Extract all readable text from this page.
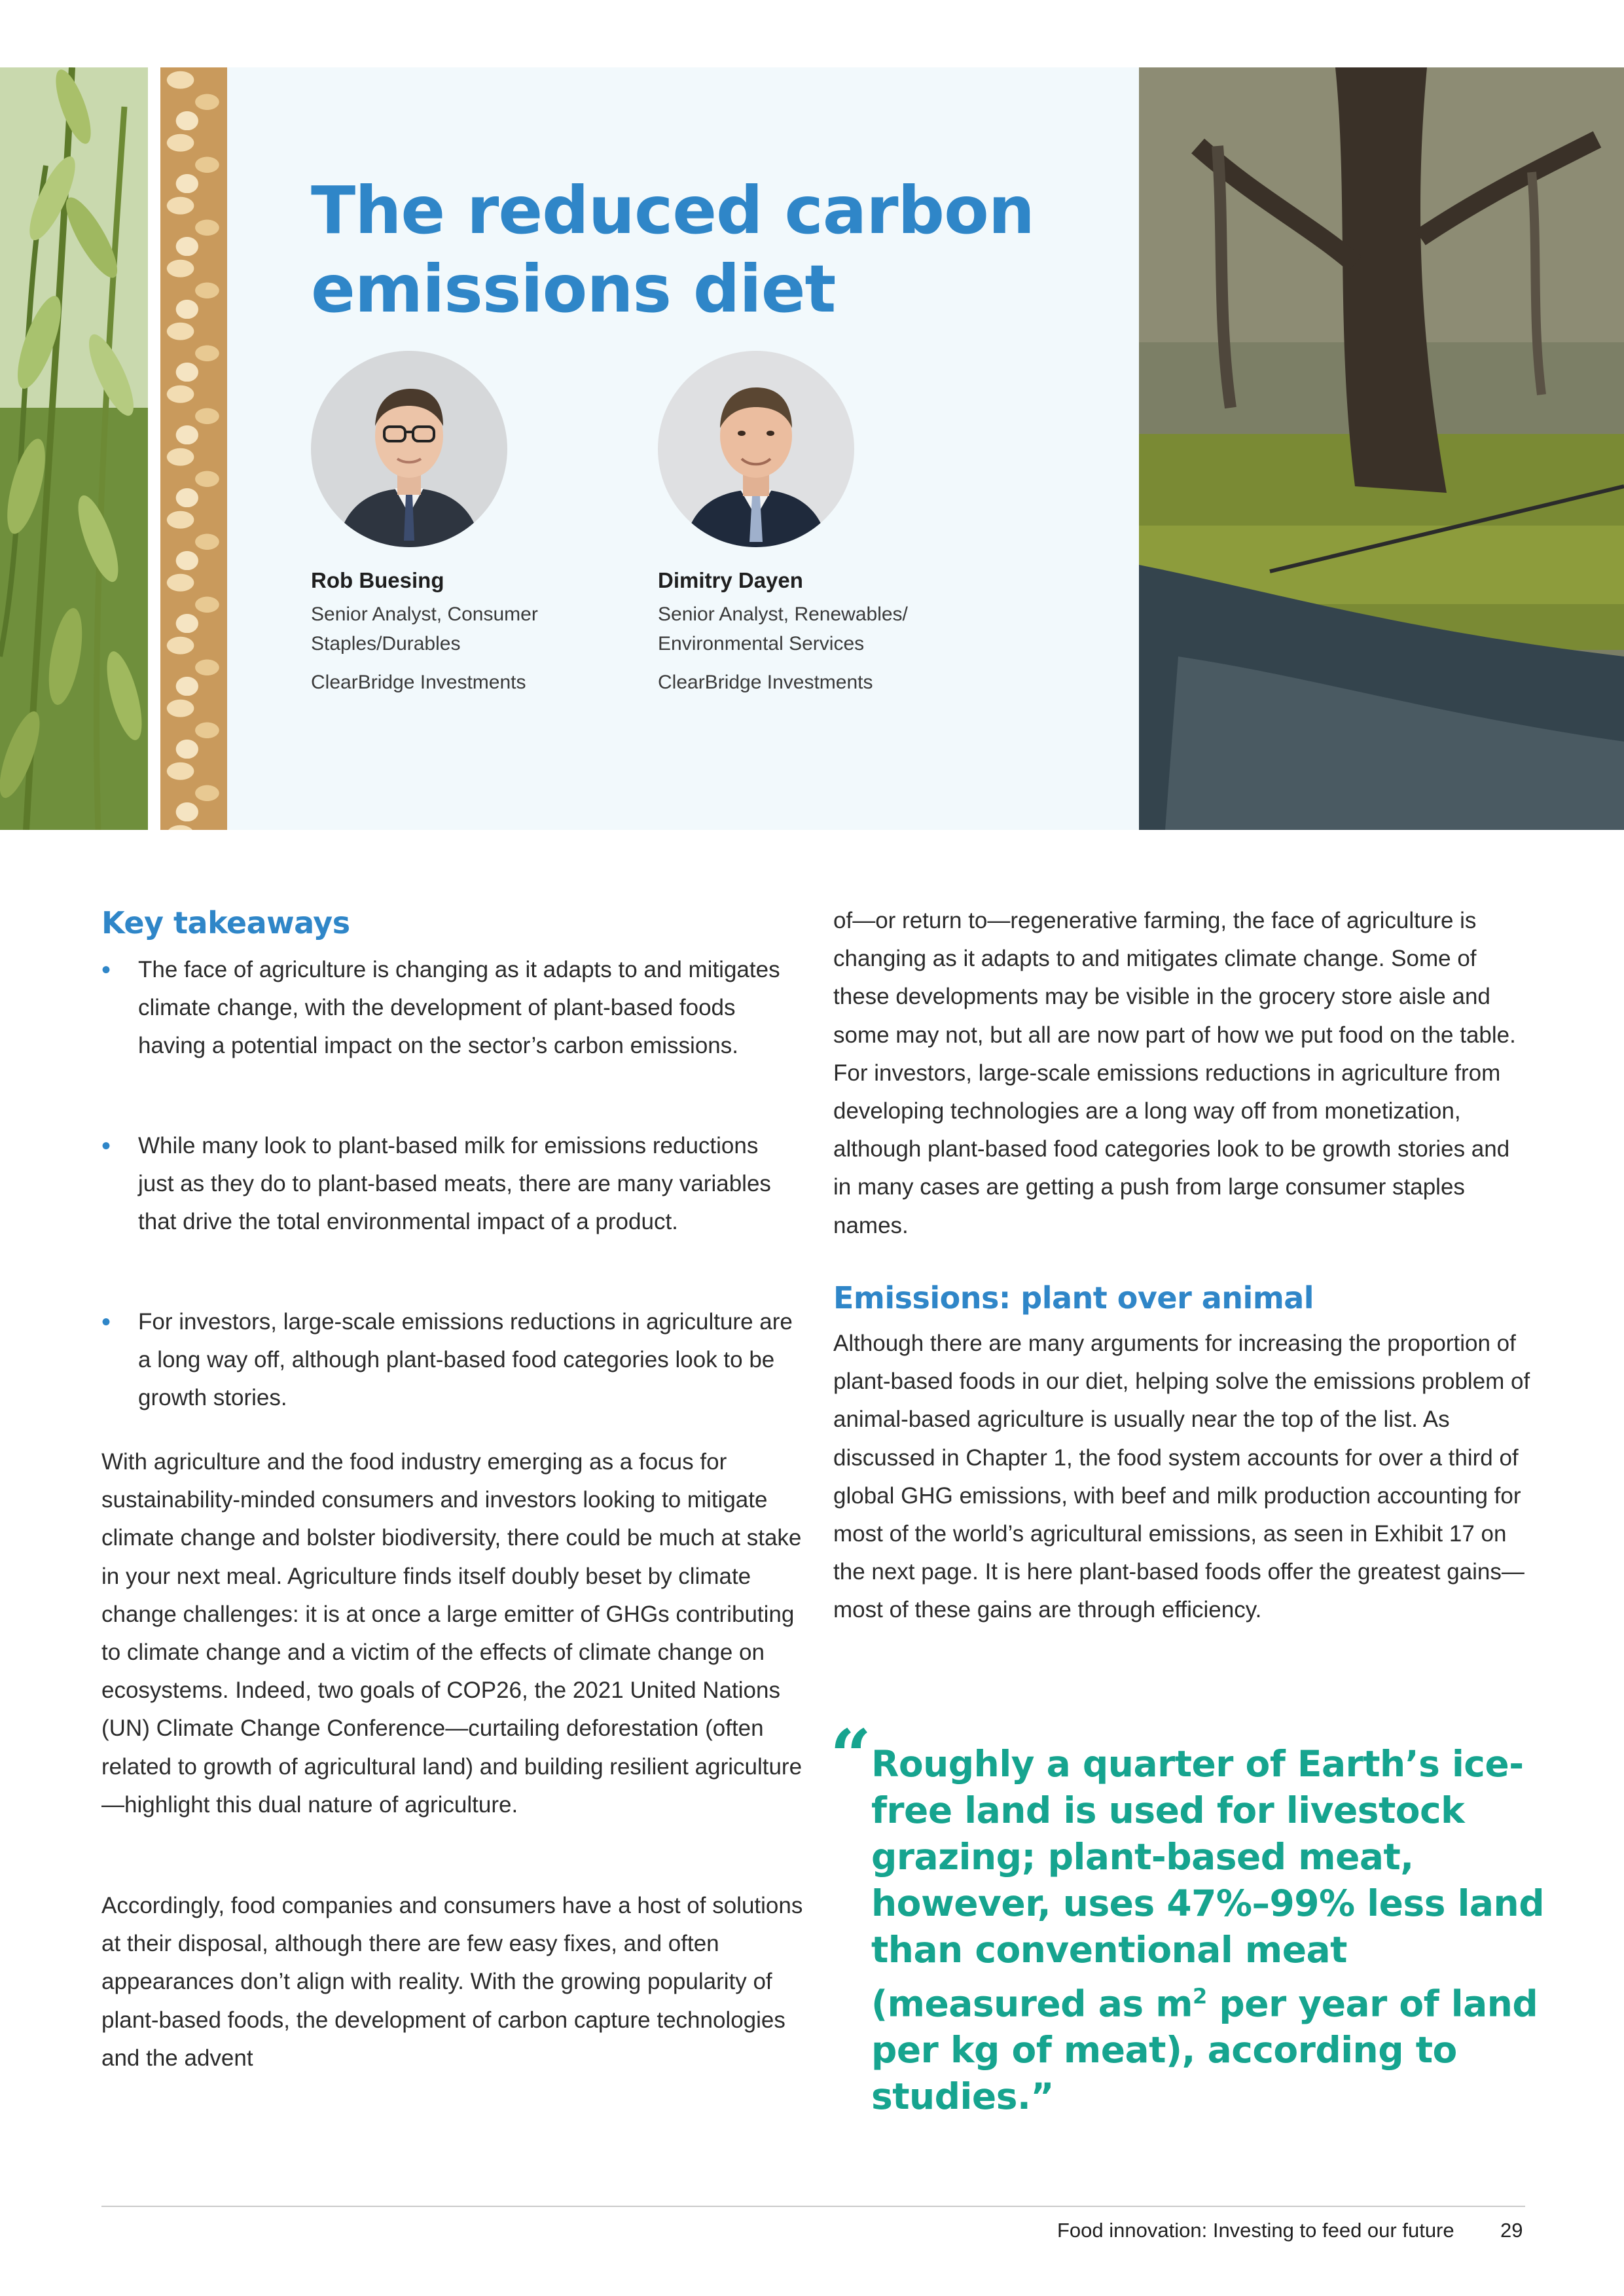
The reduced carbon
emissions diet

Rob Buesing

Senior Analyst, Consumer Staples/Durables

ClearBridge Investments

Dimitry Dayen

Senior Analyst, Renewables/ Environmental Services

ClearBridge Investments

Key takeaways
• The face of agriculture is changing as it adapts to and mitigates climate change, with the development of plant-based foods having a potential impact on the sector’s carbon emissions.

• While many look to plant-based milk for emissions reductions just as they do to plant-based meats, there are many variables that drive the total environmental impact of a product.

• For investors, large-scale emissions reductions in agriculture are a long way off, although plant-based food categories look to be growth stories.

With agriculture and the food industry emerging as a focus for sustainability-minded consumers and investors looking to mitigate climate change and bolster biodiversity, there could be much at stake in your next meal. Agriculture finds itself doubly beset by climate change challenges: it is at once a large emitter of GHGs contributing to climate change and a victim of the effects of climate change on ecosystems. Indeed, two goals of COP26, the 2021 United Nations (UN) Climate Change Conference—curtailing deforestation (often related to growth of agricultural land) and building resilient agriculture—highlight this dual nature of agriculture.

Accordingly, food companies and consumers have a host of solutions at their disposal, although there are few easy fixes, and often appearances don’t align with reality. With the growing popularity of plant-based foods, the development of carbon capture technologies and the advent

of—or return to—regenerative farming, the face of agriculture is changing as it adapts to and mitigates climate change. Some of these developments may be visible in the grocery store aisle and some may not, but all are now part of how we put food on the table. For investors, large-scale emissions reductions in agriculture from developing technologies are a long way off from monetization, although plant-based food categories look to be growth stories and in many cases are getting a push from large consumer staples names.

Emissions: plant over animal

Although there are many arguments for increasing the proportion of plant-based foods in our diet, helping solve the emissions problem of animal-based agriculture is usually near the top of the list. As discussed in Chapter 1, the food system accounts for over a third of global GHG emissions, with beef and milk production accounting for most of the world’s agricultural emissions, as seen in Exhibit 17 on the next page. It is here plant-based foods offer the greatest gains—most of these gains are through efficiency.

“ Roughly a quarter of Earth’s ice-free land is used for livestock grazing; plant-based meat, however, uses 47%–99% less land than conventional meat (measured as $m^2$ per year of land per kg of meat), according to studies.”

Food innovation: Investing to feed our future 29
